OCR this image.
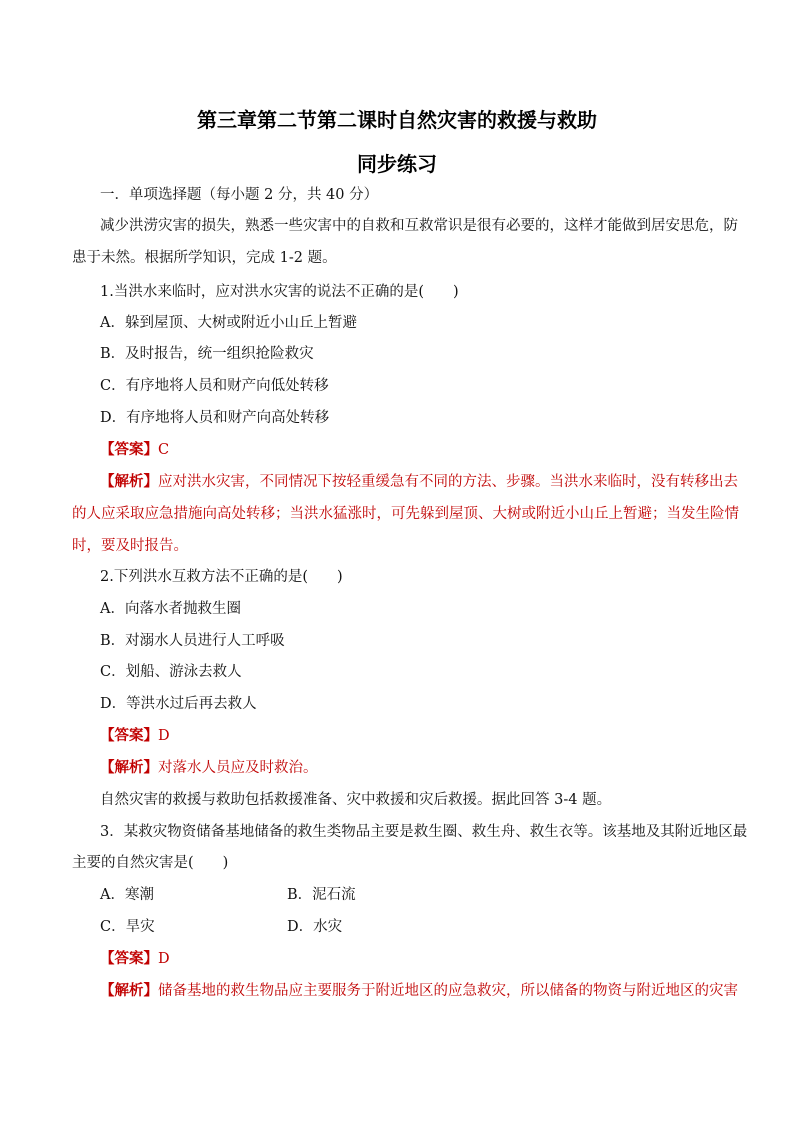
第三章第二节第二课时自然灾害的救援与救助
同步练习
一．单项选择题（每小题 2 分，共 40 分）
减少洪涝灾害的损失，熟悉一些灾害中的自救和互救常识是很有必要的，这样才能做到居安思危，防
患于未然。根据所学知识，完成 1-2 题。
1.当洪水来临时，应对洪水灾害的说法不正确的是(　　)
A．躲到屋顶、大树或附近小山丘上暂避
B．及时报告，统一组织抢险救灾
C．有序地将人员和财产向低处转移
D．有序地将人员和财产向高处转移
【答案】C
【解析】应对洪水灾害，不同情况下按轻重缓急有不同的方法、步骤。当洪水来临时，没有转移出去
的人应采取应急措施向高处转移；当洪水猛涨时，可先躲到屋顶、大树或附近小山丘上暂避；当发生险情
时，要及时报告。
2.下列洪水互救方法不正确的是(　　)
A．向落水者抛救生圈
B．对溺水人员进行人工呼吸
C．划船、游泳去救人
D．等洪水过后再去救人
【答案】D
【解析】对落水人员应及时救治。
自然灾害的救援与救助包括救援准备、灾中救援和灾后救援。据此回答 3-4 题。
3．某救灾物资储备基地储备的救生类物品主要是救生圈、救生舟、救生衣等。该基地及其附近地区最
主要的自然灾害是(　　)
A．寒潮	B．泥石流
C．旱灾	D．水灾
【答案】D
【解析】储备基地的救生物品应主要服务于附近地区的应急救灾，所以储备的物资与附近地区的灾害
